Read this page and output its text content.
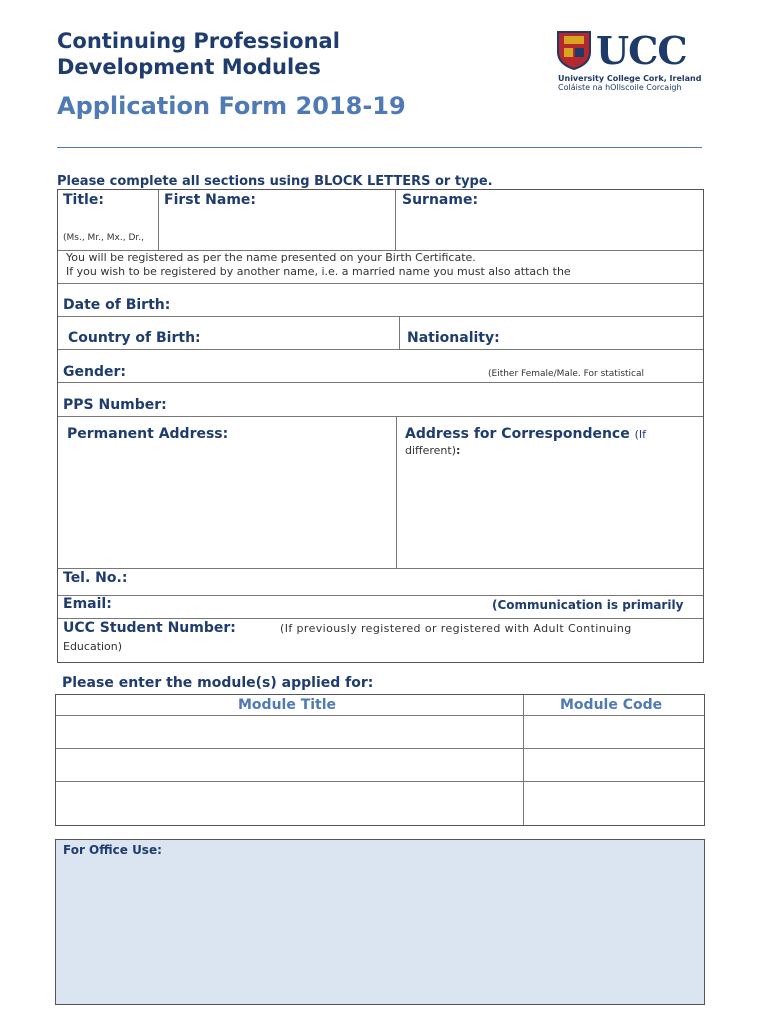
Continuing Professional
Development Modules	UCC
University College Cork, Ireland
Coláiste na hOllscoile Corcaigh
Application Form 2018-19
Please complete all sections using BLOCK LETTERS or type.
Title:
(Ms., Mr., Mx., Dr.,
First Name:	Surname:
You will be registered as per the name presented on your Birth Certificate.
If you wish to be registered by another name, i.e. a married name you must also attach the
Date of Birth:
Country of Birth:	Nationality:
Gender:	(Either Female/Male. For statistical
PPS Number:
Permanent Address:	Address for Correspondence (If
different):
Tel. No.:
Email:	(Communication is primarily
UCC Student Number:	(If previously registered or registered with Adult Continuing
Education)
Please enter the module(s) applied for:
Module Title	Module Code
For Office Use:
